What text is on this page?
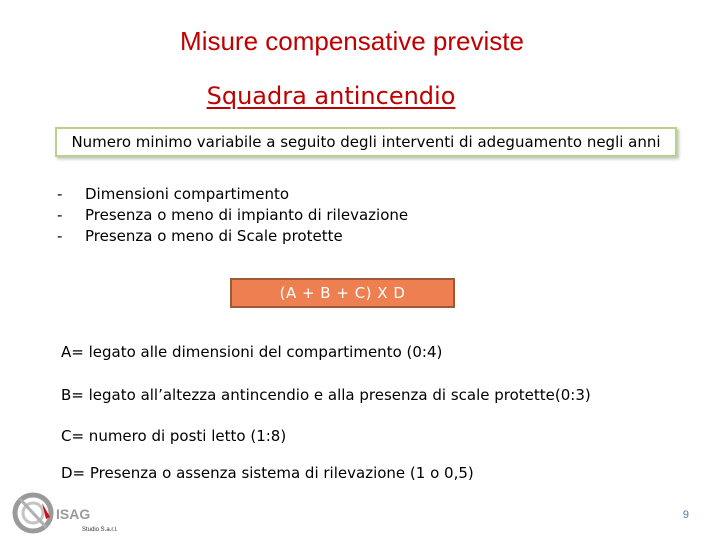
Misure compensative previste
Squadra antincendio
Numero minimo variabile a seguito degli interventi di adeguamento negli anni
-	Dimensioni compartimento
-	Presenza o meno di impianto di rilevazione
-	Presenza o meno di Scale protette
(A + B + C) X D
A= legato alle dimensioni del compartimento (0:4)
B= legato all’altezza antincendio e alla presenza di scale protette(0:3)
C= numero di posti letto (1:8)
D= Presenza o assenza sistema di rilevazione (1 o 0,5)
ISAG
Studio S.a.r.l.
9
